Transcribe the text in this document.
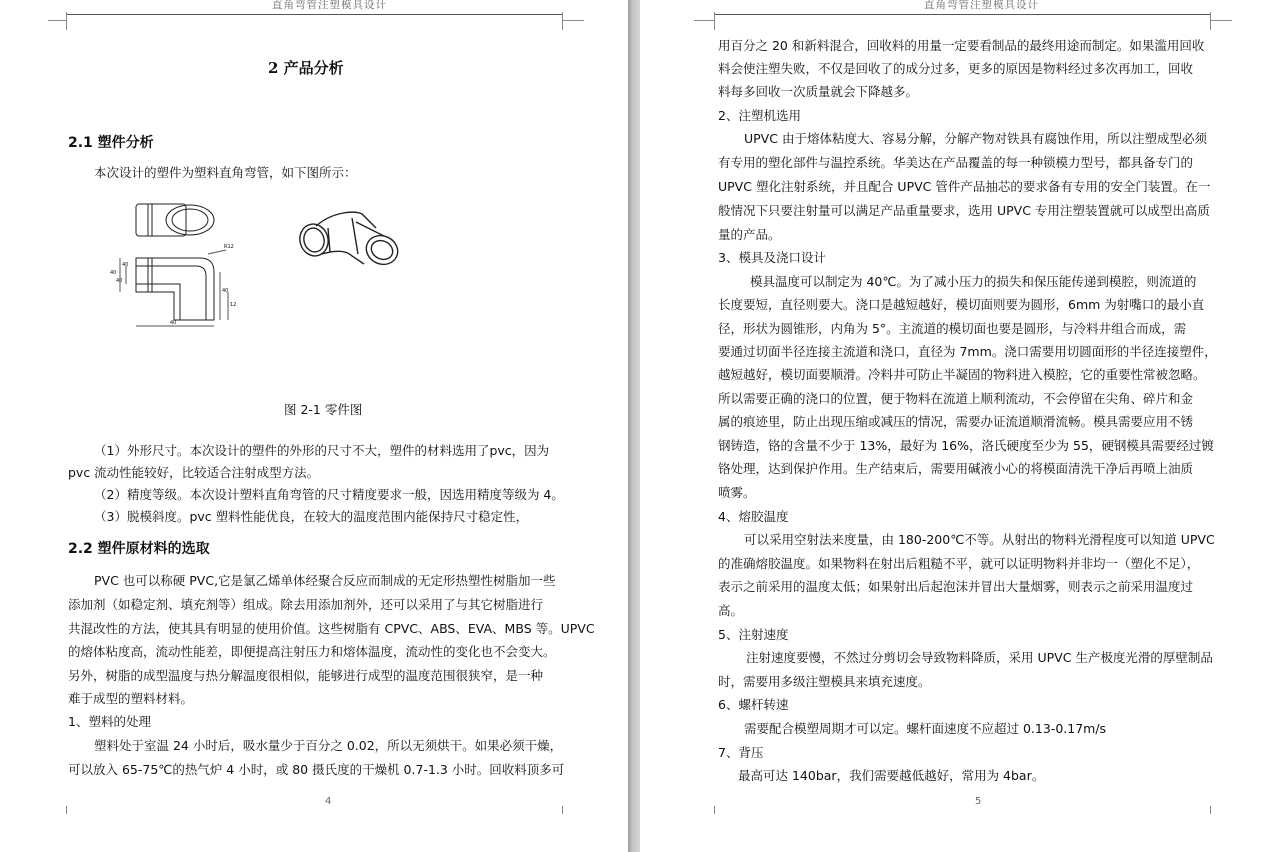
直角弯管注塑模具设计
2 产品分析
2.1 塑件分析
本次设计的塑件为塑料直角弯管，如下图所示：
R12
40
40
40
12
40
40
图 2-1 零件图
（1）外形尺寸。本次设计的塑件的外形的尺寸不大，塑件的材料选用了pvc，因为
pvc 流动性能较好，比较适合注射成型方法。
（2）精度等级。本次设计塑料直角弯管的尺寸精度要求一般，因选用精度等级为 4。
（3）脱模斜度。pvc 塑料性能优良，在较大的温度范围内能保持尺寸稳定性，
2.2 塑件原材料的选取
PVC 也可以称硬 PVC,它是氯乙烯单体经聚合反应而制成的无定形热塑性树脂加一些
添加剂（如稳定剂、填充剂等）组成。除去用添加剂外，还可以采用了与其它树脂进行
共混改性的方法，使其具有明显的使用价值。这些树脂有 CPVC、ABS、EVA、MBS 等。UPVC
的熔体粘度高，流动性能差，即便提高注射压力和熔体温度，流动性的变化也不会变大。
另外，树脂的成型温度与热分解温度很相似，能够进行成型的温度范围很狭窄，是一种
难于成型的塑料材料。
1、塑料的处理
塑料处于室温 24 小时后，吸水量少于百分之 0.02，所以无须烘干。如果必须干燥，
可以放入 65-75℃的热气炉 4 小时，或 80 摄氏度的干燥机 0.7-1.3 小时。回收料顶多可
4
直角弯管注塑模具设计
用百分之 20 和新料混合，回收料的用量一定要看制品的最终用途而制定。如果滥用回收
料会使注塑失败，不仅是回收了的成分过多，更多的原因是物料经过多次再加工，回收
料每多回收一次质量就会下降越多。
2、注塑机选用
UPVC 由于熔体粘度大、容易分解，分解产物对铁具有腐蚀作用，所以注塑成型必须
有专用的塑化部件与温控系统。华美达在产品覆盖的每一种锁模力型号，都具备专门的
UPVC 塑化注射系统，并且配合 UPVC 管件产品抽芯的要求备有专用的安全门装置。在一
般情况下只要注射量可以满足产品重量要求，选用 UPVC 专用注塑装置就可以成型出高质
量的产品。
3、模具及浇口设计
模具温度可以制定为 40℃。为了减小压力的损失和保压能传递到模腔，则流道的
长度要短，直径则要大。浇口是越短越好，模切面则要为圆形，6mm 为射嘴口的最小直
径，形状为圆锥形，内角为 5°。主流道的模切面也要是圆形，与冷料井组合而成，需
要通过切面半径连接主流道和浇口，直径为 7mm。浇口需要用切圆面形的半径连接塑件，
越短越好，模切面要顺滑。冷料井可防止半凝固的物料进入模腔，它的重要性常被忽略。
所以需要正确的浇口的位置，便于物料在流道上顺利流动，不会停留在尖角、碎片和金
属的痕迹里，防止出现压缩或减压的情况，需要办证流道顺滑流畅。模具需要应用不锈
钢铸造，铬的含量不少于 13%，最好为 16%，洛氏硬度至少为 55，硬钢模具需要经过镀
铬处理，达到保护作用。生产结束后，需要用碱液小心的将模面清洗干净后再喷上油质
喷雾。
4、熔胶温度
可以采用空射法来度量，由 180-200℃不等。从射出的物料光滑程度可以知道 UPVC
的准确熔胶温度。如果物料在射出后粗糙不平，就可以证明物料并非均一（塑化不足），
表示之前采用的温度太低；如果射出后起泡沫并冒出大量烟雾，则表示之前采用温度过
高。
5、注射速度
注射速度要慢，不然过分剪切会导致物料降质，采用 UPVC 生产极度光滑的厚壁制品
时，需要用多级注塑模具来填充速度。
6、螺杆转速
需要配合模塑周期才可以定。螺杆面速度不应超过 0.13-0.17m/s
7、背压
最高可达 140bar，我们需要越低越好，常用为 4bar。
5
